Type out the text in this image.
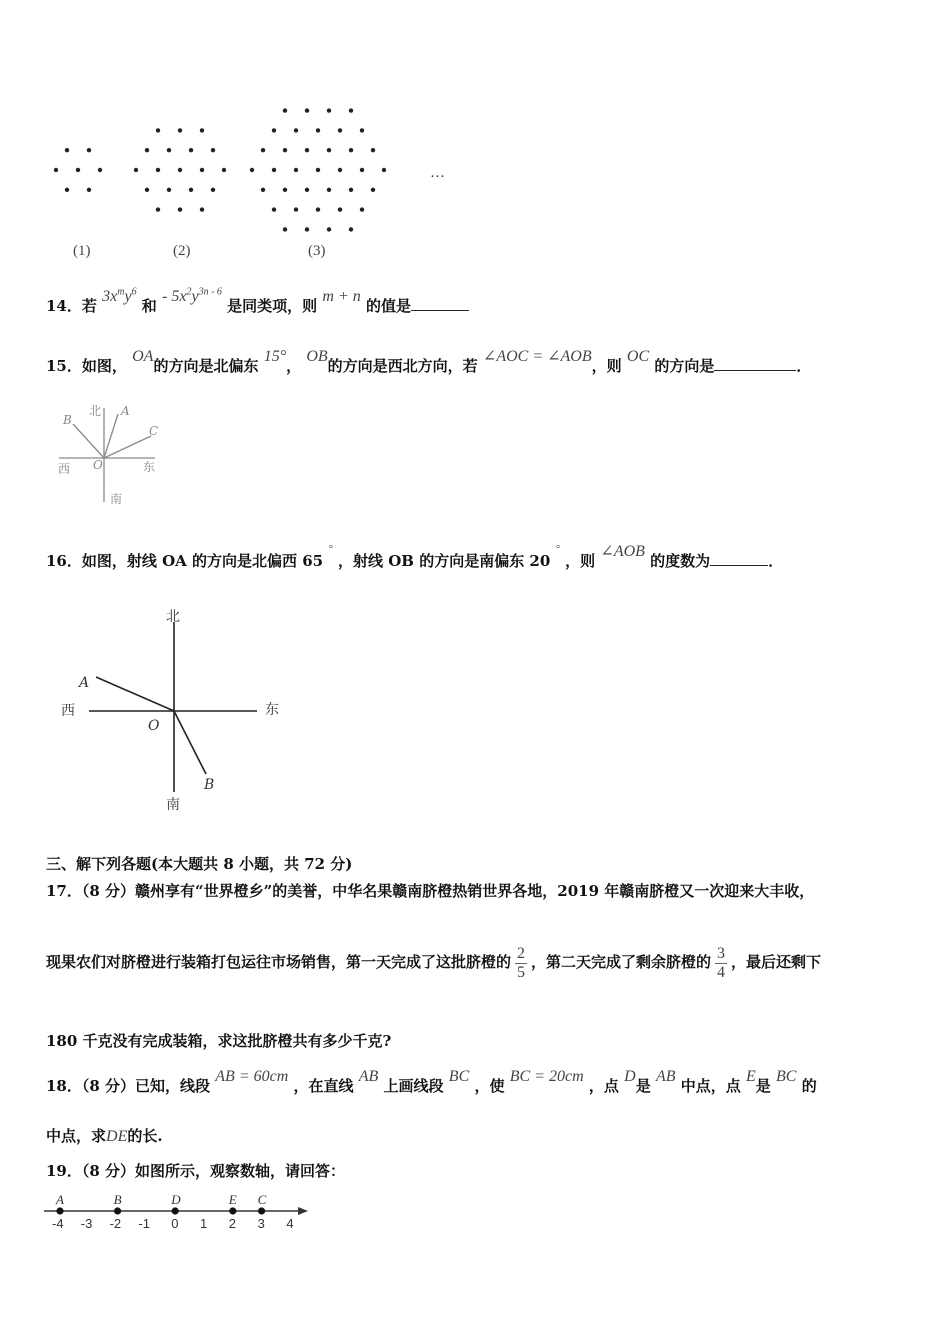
(1)	(2)	(3)
…
14．若 $3x^my^6$ 和 - $5x^2y^{3n - 6}$ 是同类项，则 m + n 的值是
15．如图， OA的方向是北偏东 15°， OB的方向是西北方向，若 ∠AOC = ∠AOB，则 OC 的方向是	．
北 A
B
C
西 O	东
南
16．如图，射线 OA 的方向是北偏西 65 ° ，射线 OB 的方向是南偏东 20 ° ，则 ∠AOB 的度数为	．
北
A
西	东
O
B
南
三、解下列各题(本大题共 8 小题，共 72 分)
17．（8 分）赣州享有“世界橙乡”的美誉，中华名果赣南脐橙热销世界各地，2019 年赣南脐橙又一次迎来大丰收，
现果农们对脐橙进行装箱打包运往市场销售，第一天完成了这批脐橙的 $\frac{2}{5}$ ，第二天完成了剩余脐橙的 $\frac{3}{4}$ ，最后还剩下
180 千克没有完成装箱，求这批脐橙共有多少千克?
18．（8 分）已知，线段 AB = 60cm ，在直线 AB 上画线段 BC ，使 BC = 20cm ，点 D是 AB 中点，点 E是 BC 的
中点，求DE的长.
19．（8 分）如图所示，观察数轴，请回答：
-4 -3 -2 -1 0 1 2 3 4
A	B	D	E C
